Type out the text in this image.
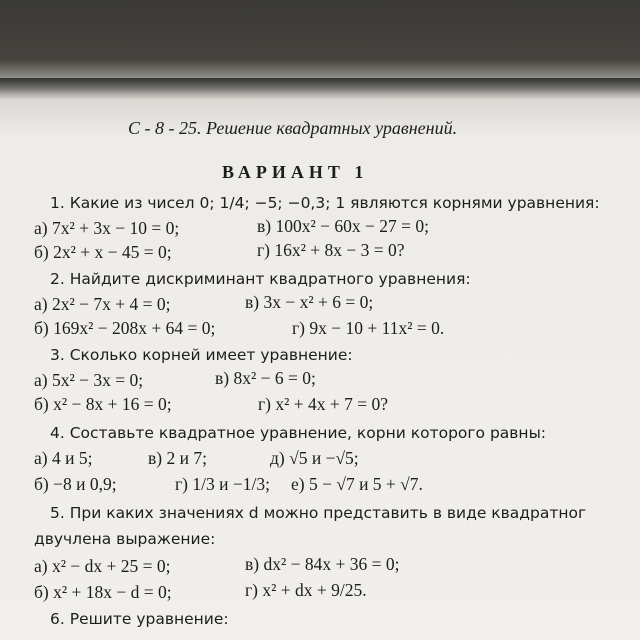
С - 8 - 25. Решение квадратных уравнений.
ВАРИАНТ 1
1. Какие из чисел 0; 1/4; −5; −0,3; 1 являются корнями уравнения:
а) 7x² + 3x − 10 = 0;	в) 100x² − 60x − 27 = 0;
б) 2x² + x − 45 = 0;	г) 16x² + 8x − 3 = 0?
2. Найдите дискриминант квадратного уравнения:
а) 2x² − 7x + 4 = 0;	в) 3x − x² + 6 = 0;
б) 169x² − 208x + 64 = 0;	г) 9x − 10 + 11x² = 0.
3. Сколько корней имеет уравнение:
а) 5x² − 3x = 0;	в) 8x² − 6 = 0;
б) x² − 8x + 16 = 0;	г) x² + 4x + 7 = 0?
4. Составьте квадратное уравнение, корни которого равны:
а) 4 и 5;	в) 2 и 7;	д) √5 и −√5;
б) −8 и 0,9;	г) 1/3 и −1/3; е) 5 − √7 и 5 + √7.
5. При каких значениях d можно представить в виде квадратног
двучлена выражение:
а) x² − dx + 25 = 0;	в) dx² − 84x + 36 = 0;
б) x² + 18x − d = 0;	г) x² + dx + 9/25.
6. Решите уравнение:
